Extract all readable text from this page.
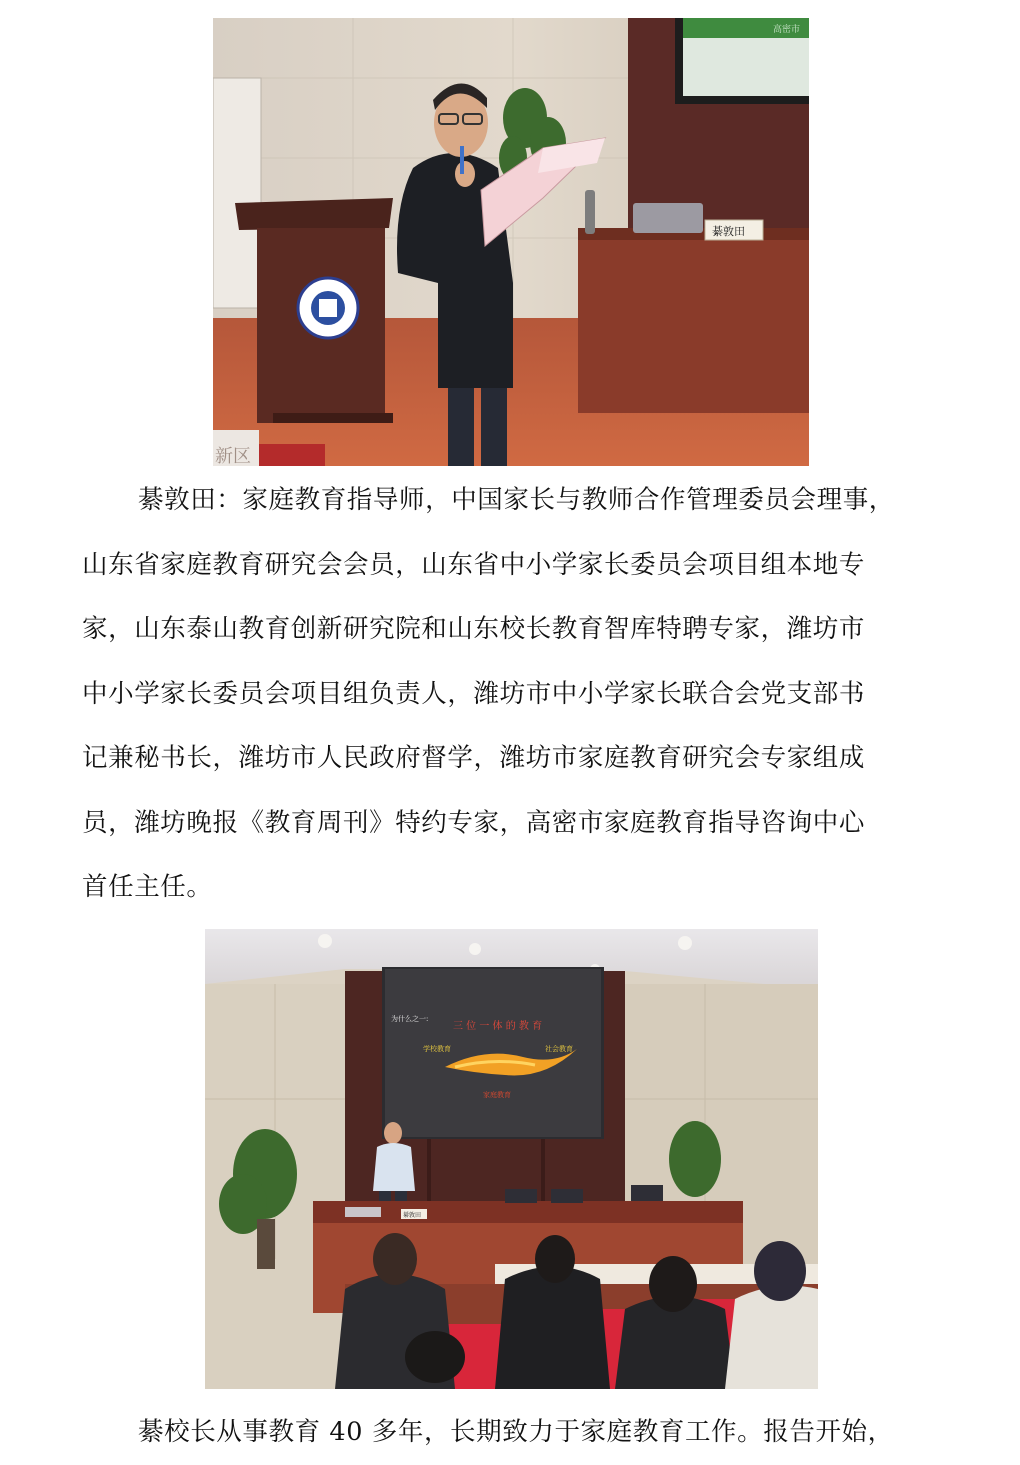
高密市
綦敦田
新区

綦敦田：家庭教育指导师，中国家长与教师合作管理委员会理事，

山东省家庭教育研究会会员，山东省中小学家长委员会项目组本地专

家，山东泰山教育创新研究院和山东校长教育智库特聘专家，潍坊市

中小学家长委员会项目组负责人，潍坊市中小学家长联合会党支部书

记兼秘书长，潍坊市人民政府督学，潍坊市家庭教育研究会专家组成

员，潍坊晚报《教育周刊》特约专家，高密市家庭教育指导咨询中心

首任主任。

为什么之一:
三 位 一 体 的 教 育
学校教育	社会教育
家庭教育
綦敦田

綦校长从事教育 40 多年，长期致力于家庭教育工作。报告开始，
